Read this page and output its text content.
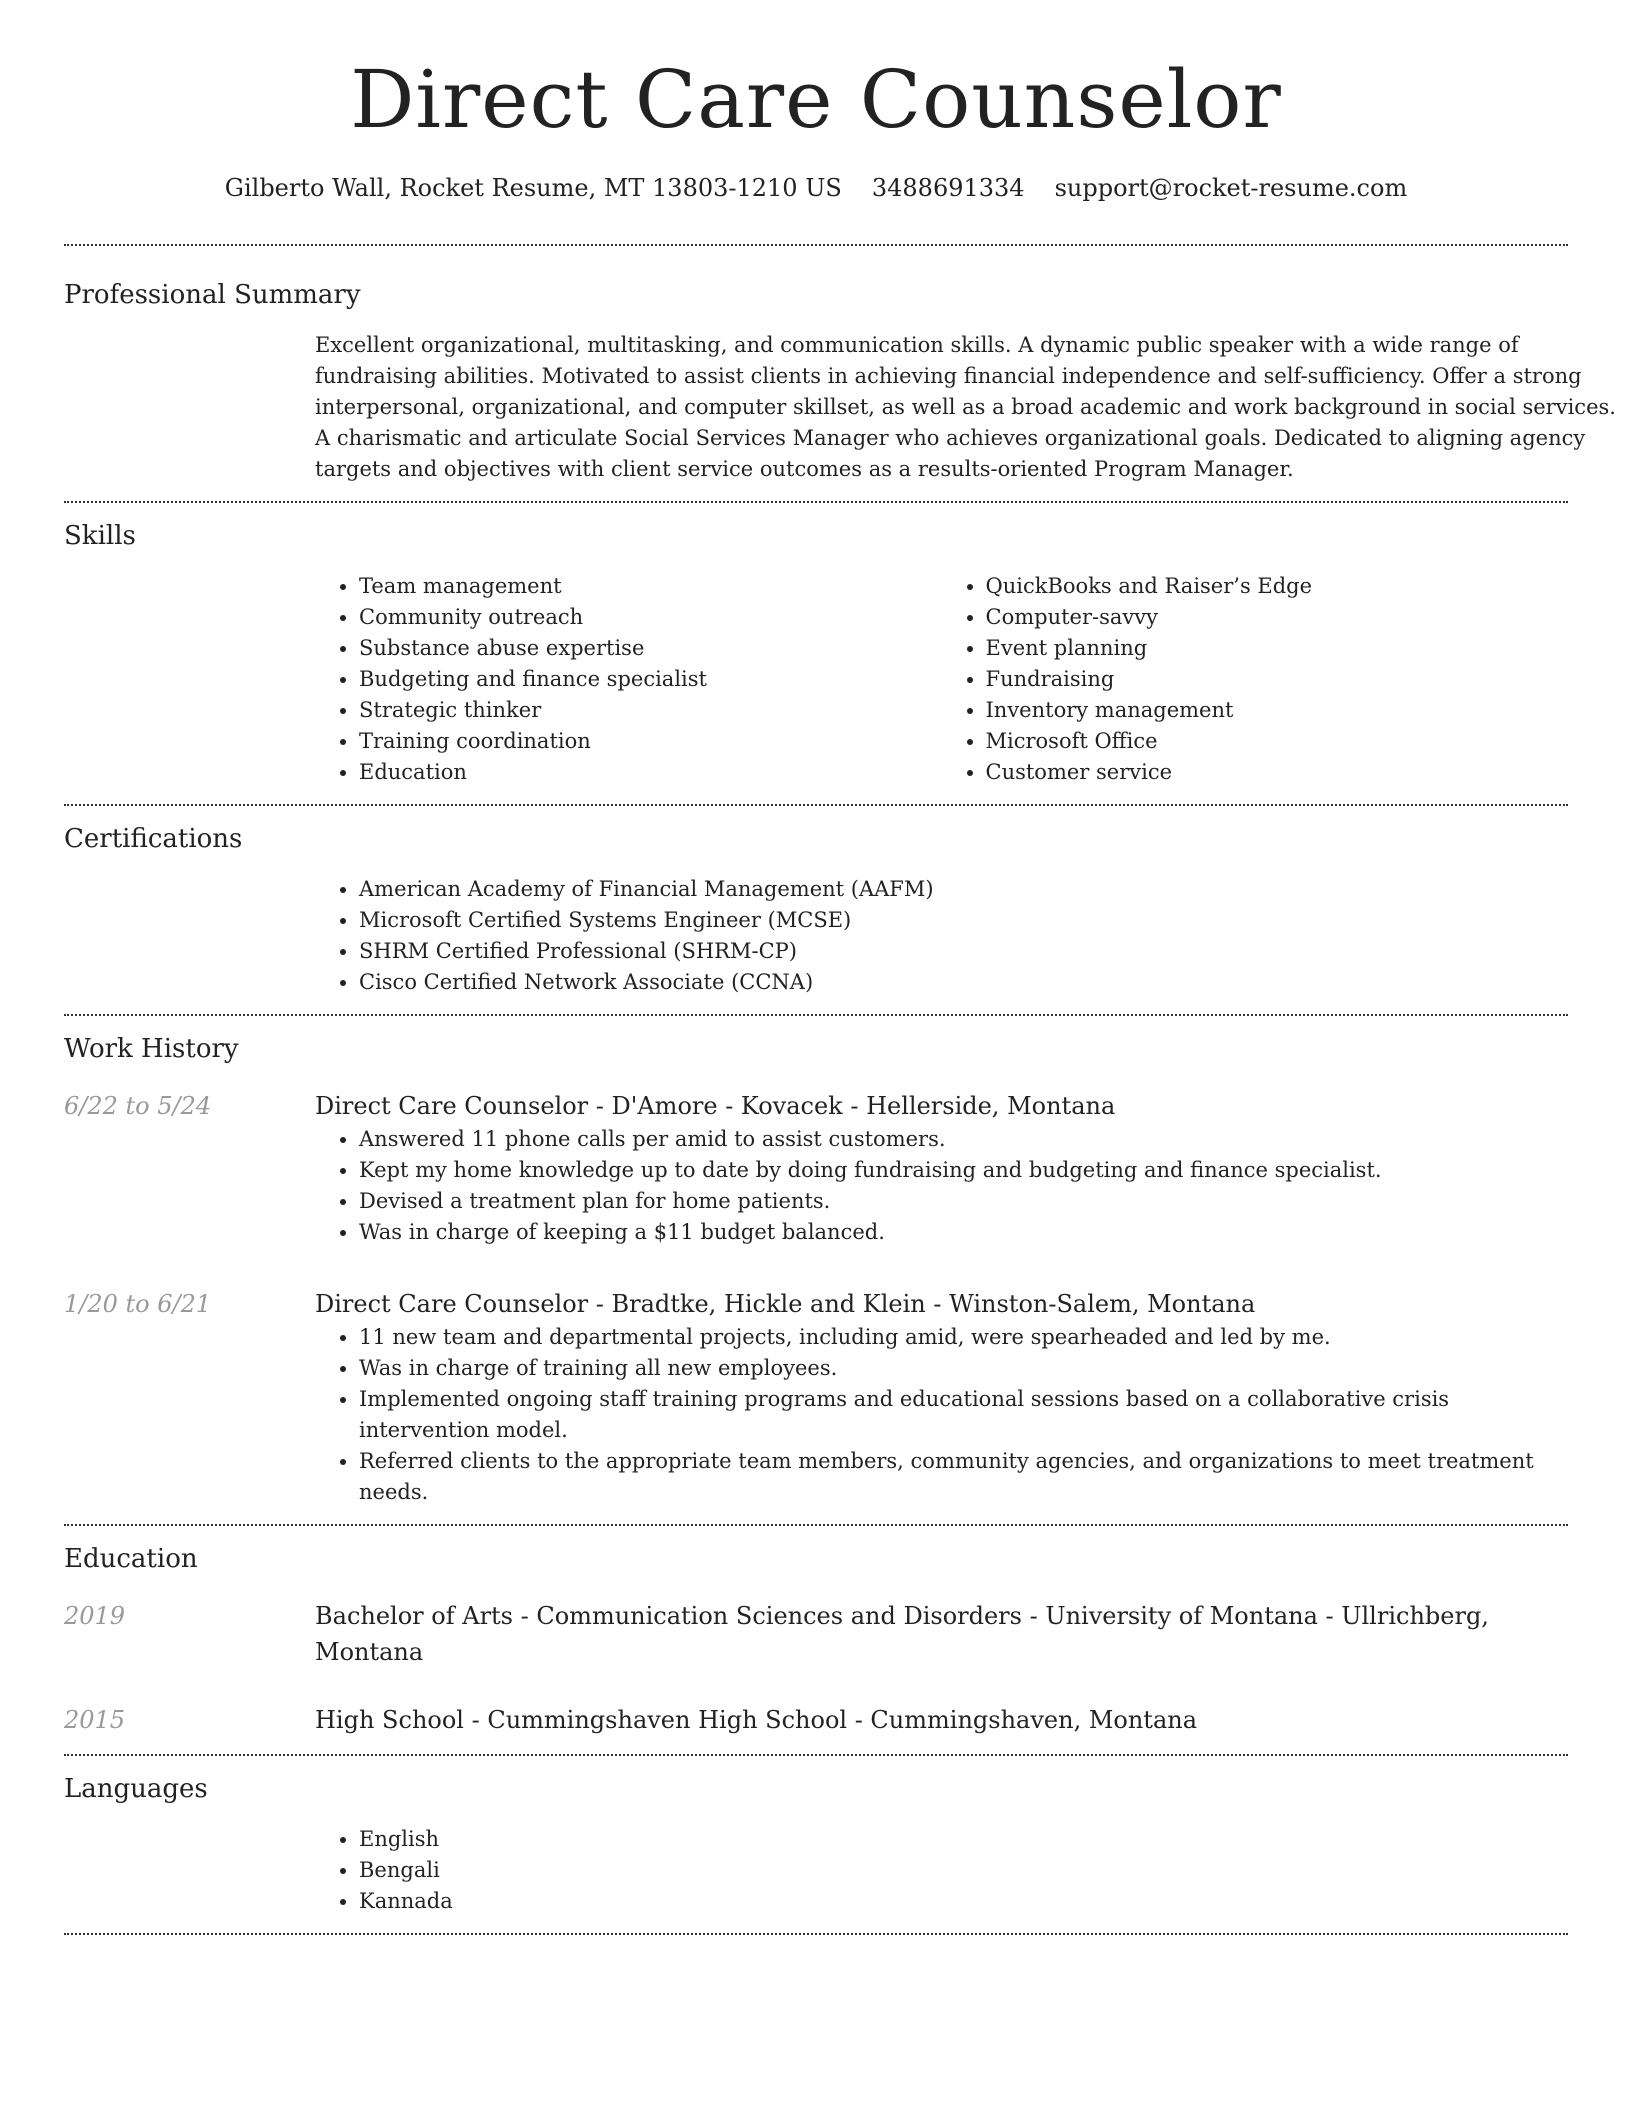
Direct Care Counselor
Gilberto Wall, Rocket Resume, MT 13803-1210 US 3488691334 support@rocket-resume.com
Professional Summary

Excellent organizational, multitasking, and communication skills. A dynamic public speaker with a wide range of fundraising abilities. Motivated to assist clients in achieving financial independence and self-sufficiency. Offer a strong interpersonal, organizational, and computer skillset, as well as a broad academic and work background in social services. A charismatic and articulate Social Services Manager who achieves organizational goals. Dedicated to aligning agency targets and objectives with client service outcomes as a results-oriented Program Manager.

Skills
• Team management
• Community outreach
• Substance abuse expertise
• Budgeting and finance specialist
• Strategic thinker
• Training coordination
• Education
• QuickBooks and Raiser’s Edge
• Computer-savvy
• Event planning
• Fundraising
• Inventory management
• Microsoft Office
• Customer service
Certifications
• American Academy of Financial Management (AAFM)
• Microsoft Certified Systems Engineer (MCSE)
• SHRM Certified Professional (SHRM-CP)
• Cisco Certified Network Associate (CCNA)
Work History
6/22 to 5/24	Direct Care Counselor - D'Amore - Kovacek - Hellerside, Montana
• Answered 11 phone calls per amid to assist customers.
• Kept my home knowledge up to date by doing fundraising and budgeting and finance specialist.
• Devised a treatment plan for home patients.
• Was in charge of keeping a $11 budget balanced.
1/20 to 6/21	Direct Care Counselor - Bradtke, Hickle and Klein - Winston-Salem, Montana
• 11 new team and departmental projects, including amid, were spearheaded and led by me.
• Was in charge of training all new employees.
• Implemented ongoing staff training programs and educational sessions based on a collaborative crisis intervention model.
• Referred clients to the appropriate team members, community agencies, and organizations to meet treatment needs.
Education
2019	Bachelor of Arts - Communication Sciences and Disorders - University of Montana - Ullrichberg, Montana
2015	High School - Cummingshaven High School - Cummingshaven, Montana
Languages
• English
• Bengali
• Kannada
